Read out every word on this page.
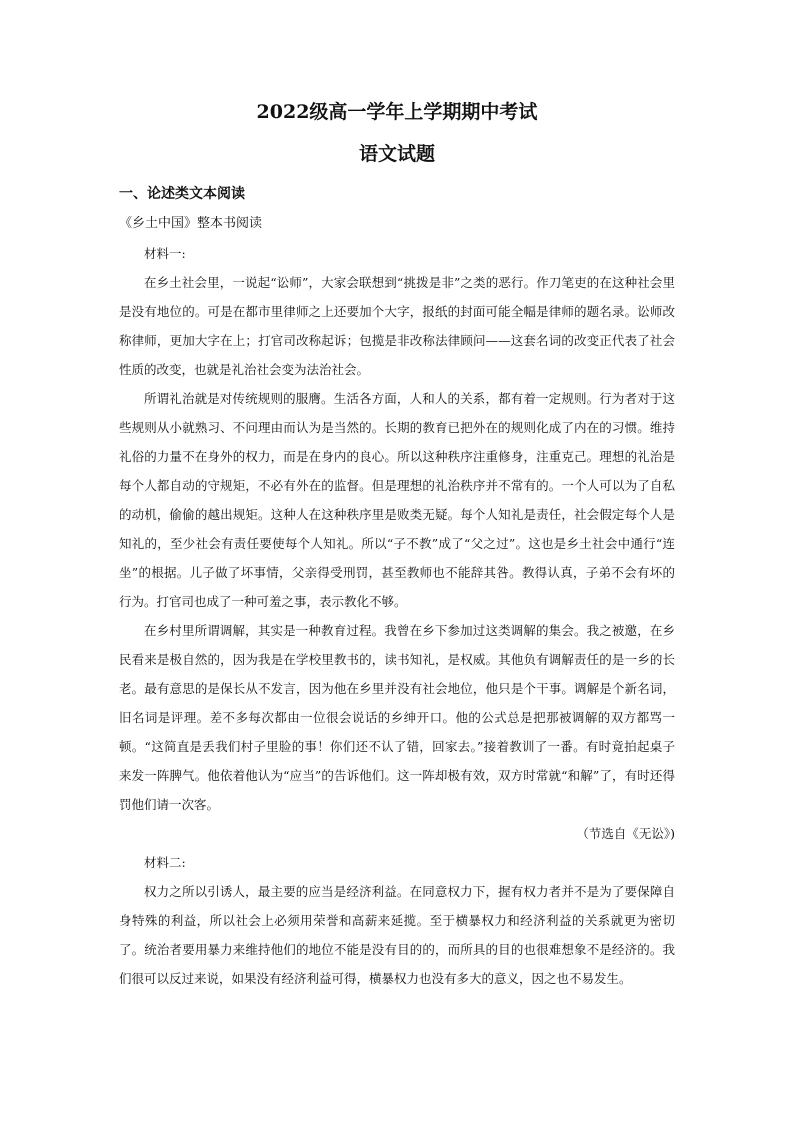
2022级高一学年上学期期中考试
语文试题

一、论述类文本阅读

《乡土中国》整本书阅读

材料一:

在乡土社会里，一说起“讼师”，大家会联想到“挑拨是非”之类的恶行。作刀笔吏的在这种社会里是没有地位的。可是在都市里律师之上还要加个大字，报纸的封面可能全幅是律师的题名录。讼师改称律师，更加大字在上；打官司改称起诉；包揽是非改称法律顾问——这套名词的改变正代表了社会性质的改变，也就是礼治社会变为法治社会。

所谓礼治就是对传统规则的服膺。生活各方面，人和人的关系，都有着一定规则。行为者对于这些规则从小就熟习、不问理由而认为是当然的。长期的教育已把外在的规则化成了内在的习惯。维持礼俗的力量不在身外的权力，而是在身内的良心。所以这种秩序注重修身，注重克己。理想的礼治是每个人都自动的守规矩，不必有外在的监督。但是理想的礼治秩序并不常有的。一个人可以为了自私的动机，偷偷的越出规矩。这种人在这种秩序里是败类无疑。每个人知礼是责任，社会假定每个人是知礼的，至少社会有责任要使每个人知礼。所以“子不教”成了“父之过”。这也是乡土社会中通行“连坐”的根据。儿子做了坏事情，父亲得受刑罚，甚至教师也不能辞其咎。教得认真，子弟不会有坏的行为。打官司也成了一种可羞之事，表示教化不够。

在乡村里所谓调解，其实是一种教育过程。我曾在乡下参加过这类调解的集会。我之被邀，在乡民看来是极自然的，因为我是在学校里教书的，读书知礼，是权威。其他负有调解责任的是一乡的长老。最有意思的是保长从不发言，因为他在乡里并没有社会地位，他只是个干事。调解是个新名词，旧名词是评理。差不多每次都由一位很会说话的乡绅开口。他的公式总是把那被调解的双方都骂一顿。“这简直是丢我们村子里脸的事！你们还不认了错，回家去。”接着教训了一番。有时竟拍起桌子来发一阵脾气。他依着他认为“应当”的告诉他们。这一阵却极有效，双方时常就“和解”了，有时还得罚他们请一次客。

（节选自《无讼》)

材料二:

权力之所以引诱人，最主要的应当是经济利益。在同意权力下，握有权力者并不是为了要保障自身特殊的利益，所以社会上必须用荣誉和高薪来延揽。至于横暴权力和经济利益的关系就更为密切了。统治者要用暴力来维持他们的地位不能是没有目的的，而所具的目的也很难想象不是经济的。我们很可以反过来说，如果没有经济利益可得，横暴权力也没有多大的意义，因之也不易发生。
